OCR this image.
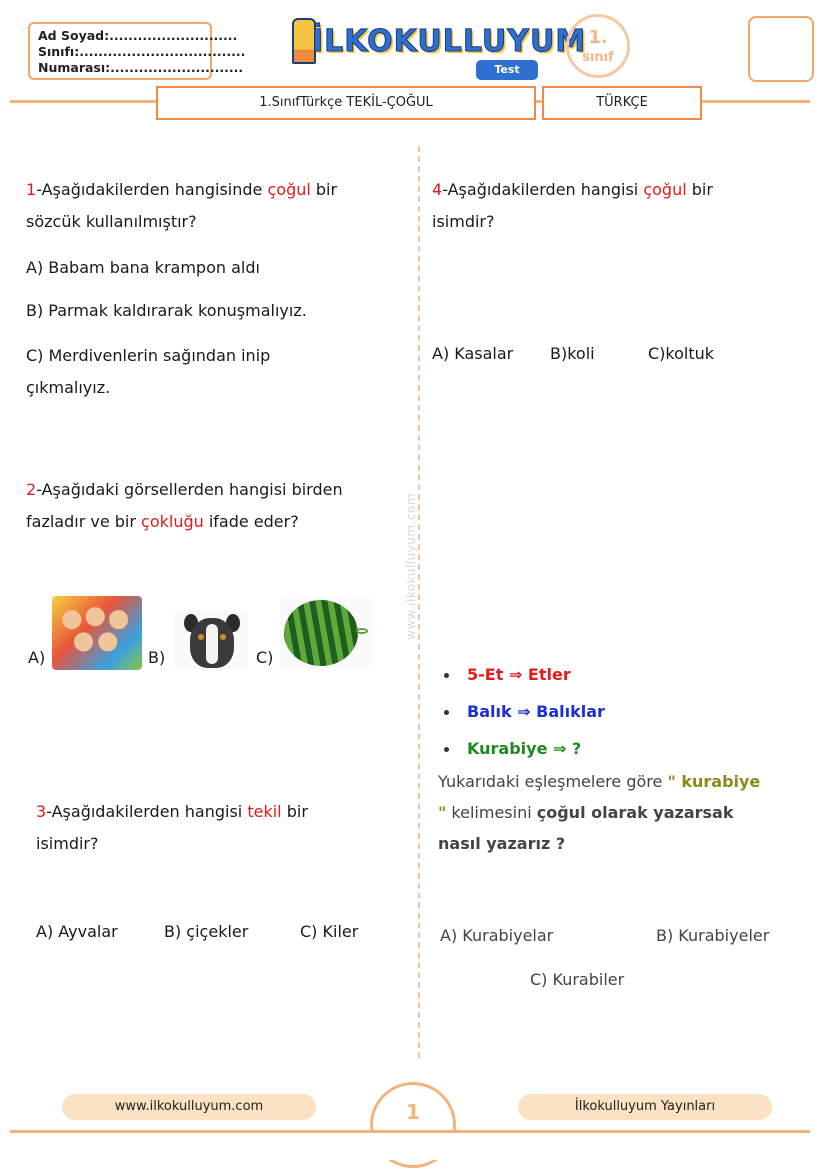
Ad Soyad:...........................
Sınıfı:...................................
Numarası:............................
İLKOKULLUYUM
Test
1.
sınıf
1.SınıfTürkçe TEKİL-ÇOĞUL	TÜRKÇE
www.ilkokulluyum.com
1-Aşağıdakilerden hangisinde çoğul bir
sözcük kullanılmıştır?
A) Babam bana krampon aldı
B) Parmak kaldırarak konuşmalıyız.
C) Merdivenlerin sağından inip
çıkmalıyız.
2-Aşağıdaki görsellerden hangisi birden
fazladır ve bir çokluğu ifade eder?
A)	B)	C)
3-Aşağıdakilerden hangisi tekil bir
isimdir?
A) Ayvalar	B) çiçekler	C) Kiler
4-Aşağıdakilerden hangisi çoğul bir
isimdir?
A) Kasalar B)koli	C)koltuk
5-Et ⇒ Etler
Balık ⇒ Balıklar
Kurabiye ⇒ ?
Yukarıdaki eşleşmelere göre " kurabiye
" kelimesini çoğul olarak yazarsak
nasıl yazarız ?
A) Kurabiyelar	B) Kurabiyeler
C) Kurabiler
www.ilkokulluyum.com	1	İlkokulluyum Yayınları
